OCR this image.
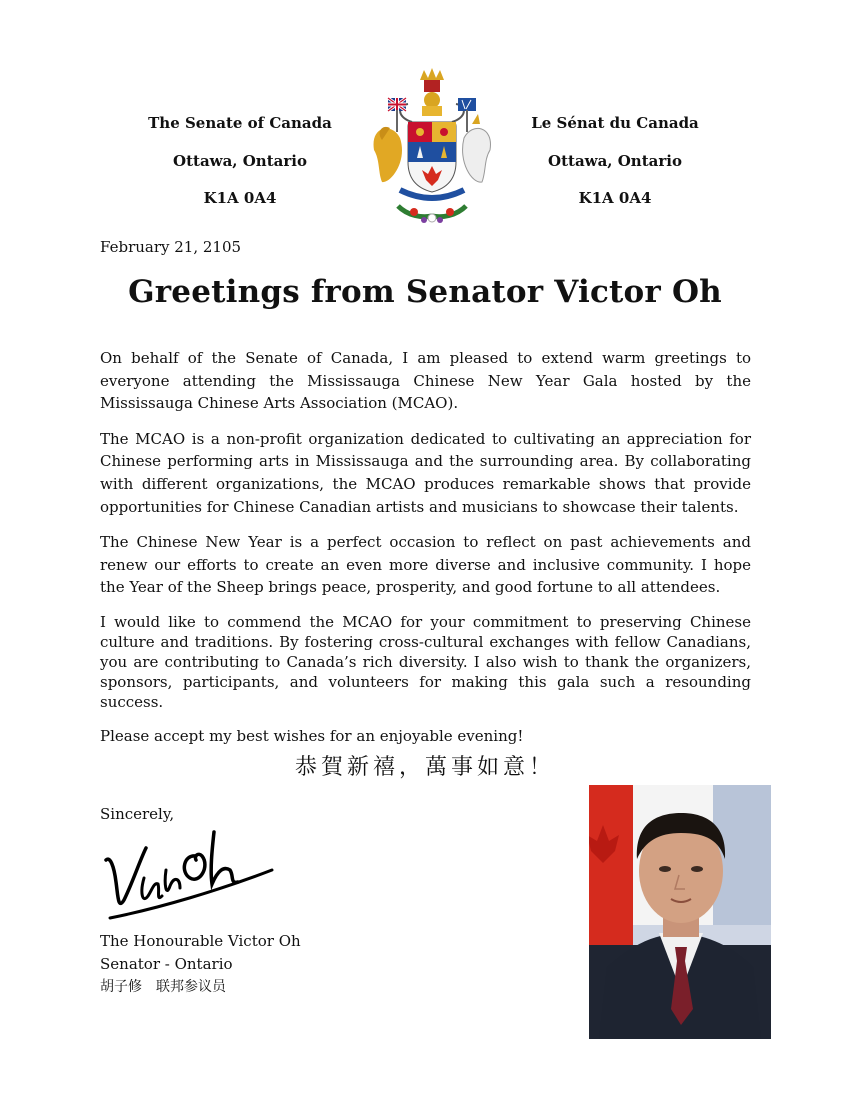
The Senate of Canada
Ottawa, Ontario
K1A 0A4
Le Sénat du Canada
Ottawa, Ontario
K1A 0A4
February 21, 2105
Greetings from Senator Victor Oh

On behalf of the Senate of Canada, I am pleased to extend warm greetings to everyone attending the Mississauga Chinese New Year Gala hosted by the Mississauga Chinese Arts Association (MCAO).

The MCAO is a non-profit organization dedicated to cultivating an appreciation for Chinese performing arts in Mississauga and the surrounding area. By collaborating with different organizations, the MCAO produces remarkable shows that provide opportunities for Chinese Canadian artists and musicians to showcase their talents.

The Chinese New Year is a perfect occasion to reflect on past achievements and renew our efforts to create an even more diverse and inclusive community. I hope the Year of the Sheep brings peace, prosperity, and good fortune to all attendees.

I would like to commend the MCAO for your commitment to preserving Chinese culture and traditions. By fostering cross-cultural exchanges with fellow Canadians, you are contributing to Canada’s rich diversity. I also wish to thank the organizers, sponsors, participants, and volunteers for making this gala such a resounding success.

Please accept my best wishes for an enjoyable evening!

恭賀新禧，萬事如意！
Sincerely,
The Honourable Victor Oh
Senator - Ontario
胡子修　联邦参议员
